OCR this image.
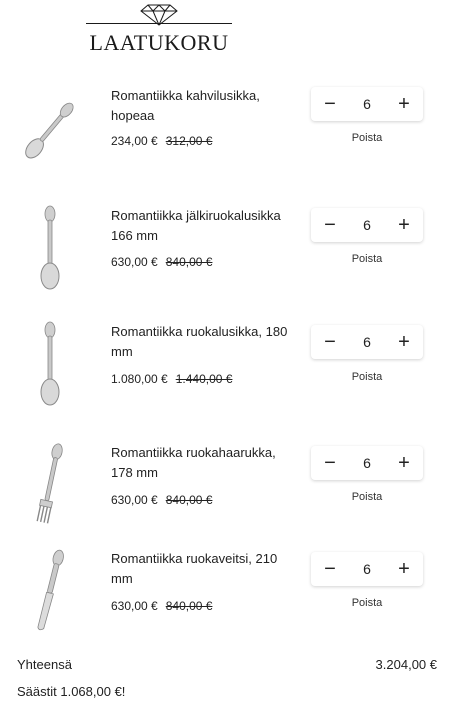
LAATUKORU
Romantiikka kahvilusikka, hopeaa
234,00 € 312,00 €
−	6	+
Poista
Romantiikka jälkiruokalusikka 166 mm
630,00 € 840,00 €
−	6	+
Poista
Romantiikka ruokalusikka, 180 mm
1.080,00 € 1.440,00 €
−	6	+
Poista
Romantiikka ruokahaarukka, 178 mm
630,00 € 840,00 €
−	6	+
Poista
Romantiikka ruokaveitsi, 210 mm
630,00 € 840,00 €
−	6	+
Poista
Yhteensä	3.204,00 €
Säästit 1.068,00 €!
